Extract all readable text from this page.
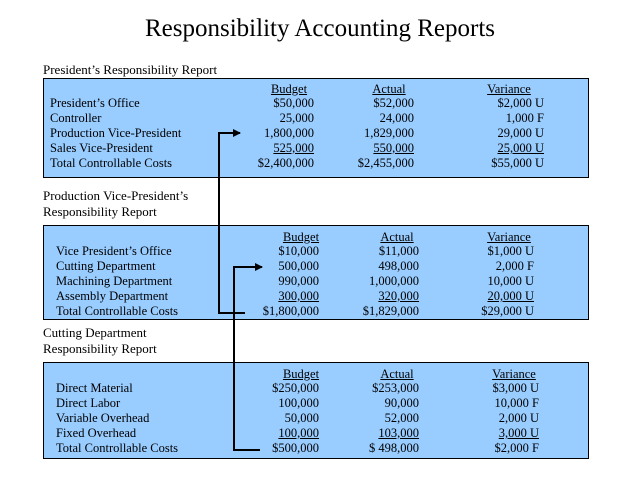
Responsibility Accounting Reports
President’s Responsibility Report
Budget	Actual	Variance
President’s Office	$50,000	$52,000	$2,000 U
Controller	25,000	24,000	1,000 F
Production Vice-President	1,800,000	1,829,000	29,000 U
Sales Vice-President	525,000	550,000	25,000 U
Total Controllable Costs	$2,400,000	$2,455,000	$55,000 U
Production Vice-President’s
Responsibility Report
Budget	Actual	Variance
Vice President’s Office	$10,000	$11,000	$1,000 U
Cutting Department	500,000	498,000	2,000 F
Machining Department	990,000	1,000,000	10,000 U
Assembly Department	300,000	320,000	20,000 U
Total Controllable Costs	$1,800,000	$1,829,000	$29,000 U
Cutting Department
Responsibility Report
Budget	Actual	Variance
Direct Material	$250,000	$253,000	$3,000 U
Direct Labor	100,000	90,000	10,000 F
Variable Overhead	50,000	52,000	2,000 U
Fixed Overhead	100,000	103,000	3,000 U
Total Controllable Costs	$500,000	$ 498,000	$2,000 F
